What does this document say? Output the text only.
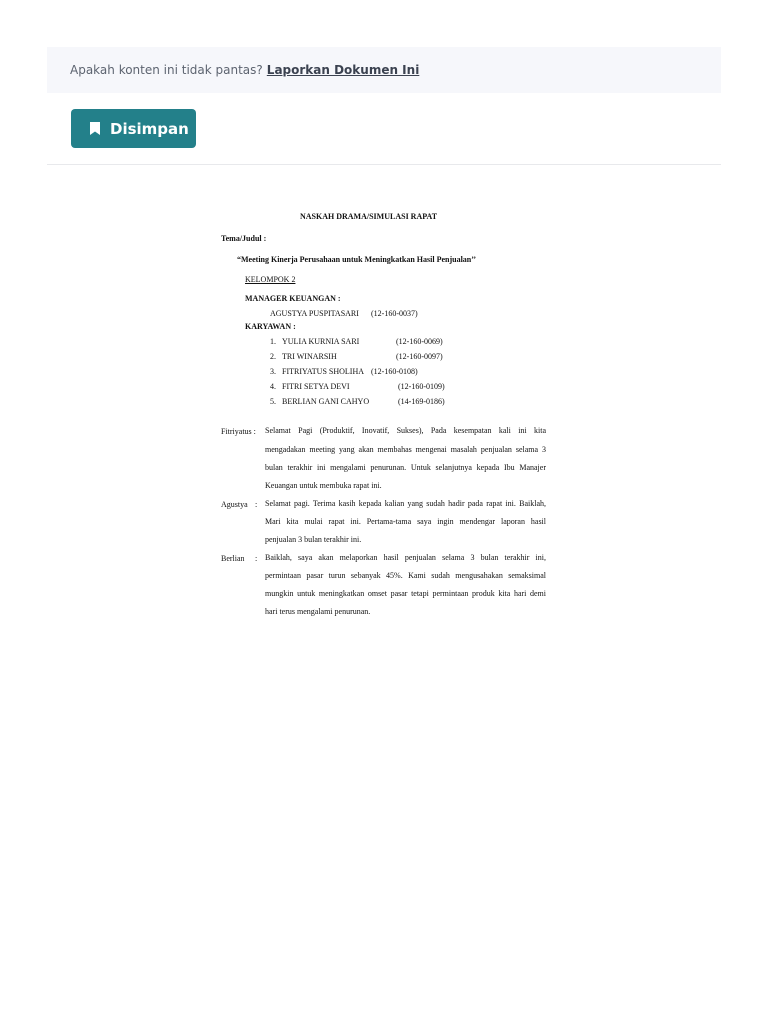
Apakah konten ini tidak pantas? Laporkan Dokumen Ini
Disimpan
NASKAH DRAMA/SIMULASI RAPAT
Tema/Judul :
“Meeting Kinerja Perusahaan untuk Meningkatkan Hasil Penjualan’’
KELOMPOK 2
MANAGER KEUANGAN :
AGUSTYA PUSPITASARI (12-160-0037)
KARYAWAN :
1. YULIA KURNIA SARI	(12-160-0069)
2. TRI WINARSIH	(12-160-0097)
3. FITRIYATUS SHOLIHA (12-160-0108)
4. FITRI SETYA DEVI	(12-160-0109)
5. BERLIAN GANI CAHYO	(14-169-0186)
Fitriyatus : Selamat Pagi (Produktif, Inovatif, Sukses), Pada kesempatan kali ini kita
mengadakan meeting yang akan membahas mengenai masalah penjualan selama 3
bulan terakhir ini mengalami penurunan. Untuk selanjutnya kepada Ibu Manajer
Keuangan untuk membuka rapat ini.
Agustya : Selamat pagi. Terima kasih kepada kalian yang sudah hadir pada rapat ini. Baiklah,
Mari kita mulai rapat ini. Pertama-tama saya ingin mendengar laporan hasil
penjualan 3 bulan terakhir ini.
Berlian : Baiklah, saya akan melaporkan hasil penjualan selama 3 bulan terakhir ini,
permintaan pasar turun sebanyak 45%. Kami sudah mengusahakan semaksimal
mungkin untuk meningkatkan omset pasar tetapi permintaan produk kita hari demi
hari terus mengalami penurunan.
